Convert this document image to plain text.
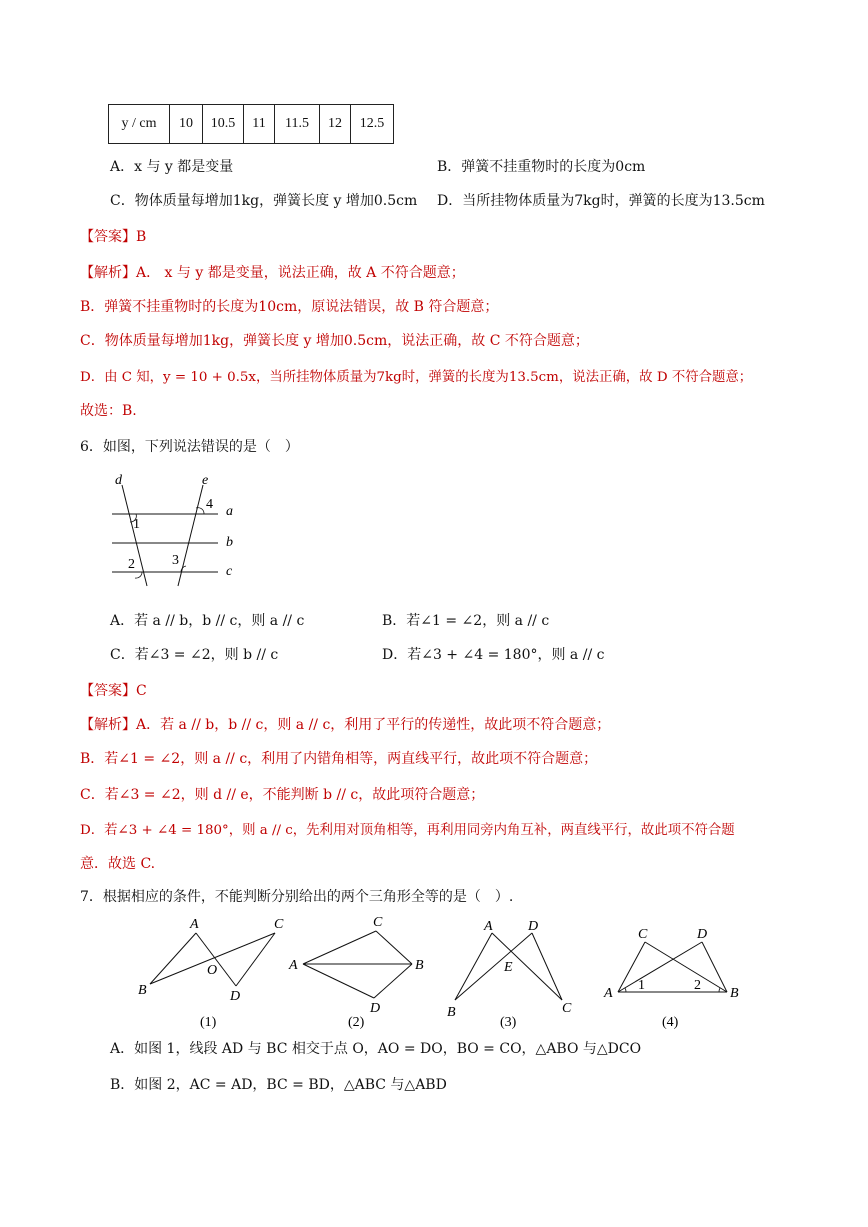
y / cm	10	10.5	11	11.5	12	12.5
A．x 与 y 都是变量	B．弹簧不挂重物时的长度为0cm
C．物体质量每增加1kg，弹簧长度 y 增加0.5cm D．当所挂物体质量为7kg时，弹簧的长度为13.5cm
【答案】B
【解析】A． x 与 y 都是变量，说法正确，故 A 不符合题意；
B．弹簧不挂重物时的长度为10cm，原说法错误，故 B 符合题意；
C．物体质量每增加1kg，弹簧长度 y 增加0.5cm，说法正确，故 C 不符合题意；
D．由 C 知，y = 10 + 0.5x，当所挂物体质量为7kg时，弹簧的长度为13.5cm，说法正确，故 D 不符合题意；
故选：B.
6．如图，下列说法错误的是（　）
d	e
a
b
c
1
2	3
4
A．若 a // b，b // c，则 a // c	B．若∠1 = ∠2，则 a // c
C．若∠3 = ∠2，则 b // c	D．若∠3 + ∠4 = 180°，则 a // c
【答案】C
【解析】A．若 a // b，b // c，则 a // c，利用了平行的传递性，故此项不符合题意；
B．若∠1 = ∠2，则 a // c，利用了内错角相等，两直线平行，故此项不符合题意；
C．若∠3 = ∠2，则 d // e，不能判断 b // c，故此项符合题意；
D．若∠3 + ∠4 = 180°，则 a // c，先利用对顶角相等，再利用同旁内角互补，两直线平行，故此项不符合题
意．故选 C.
7．根据相应的条件，不能判断分别给出的两个三角形全等的是（　）.
A
B
C
D
O
(1)
C
A	B
D
(2)
A	D
E
B	C
(3)
C	D
A	B
1	2
(4)
A．如图 1，线段 AD 与 BC 相交于点 O，AO = DO，BO = CO，△ABO 与△DCO
B．如图 2，AC = AD，BC = BD，△ABC 与△ABD
